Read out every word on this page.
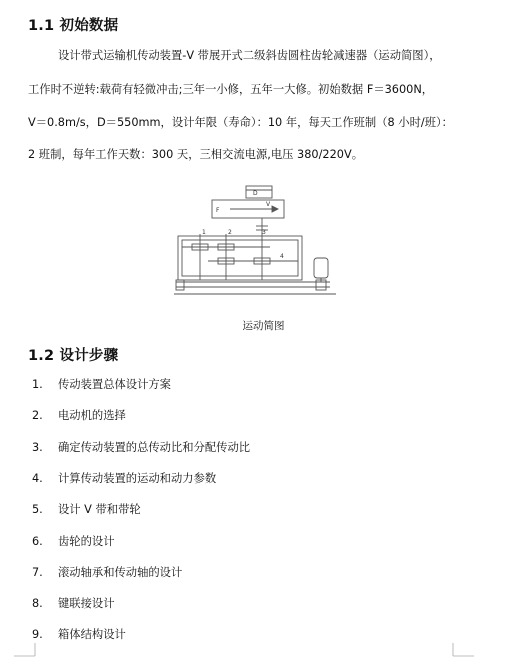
1.1 初始数据
设计带式运输机传动装置-V 带展开式二级斜齿圆柱齿轮减速器（运动简图），
工作时不逆转:载荷有轻微冲击;三年一小修，五年一大修。初始数据 F＝3600N，
V＝0.8m/s，D＝550mm，设计年限（寿命）：10 年，每天工作班制（8 小时/班）：
2 班制，每年工作天数：300 天，三相交流电源,电压 380/220V。
D
F
V
1	2	3
4
运动简图
1.2 设计步骤
1. 传动装置总体设计方案
2. 电动机的选择
3. 确定传动装置的总传动比和分配传动比
4. 计算传动装置的运动和动力参数
5. 设计 V 带和带轮
6. 齿轮的设计
7. 滚动轴承和传动轴的设计
8. 键联接设计
9. 箱体结构设计
